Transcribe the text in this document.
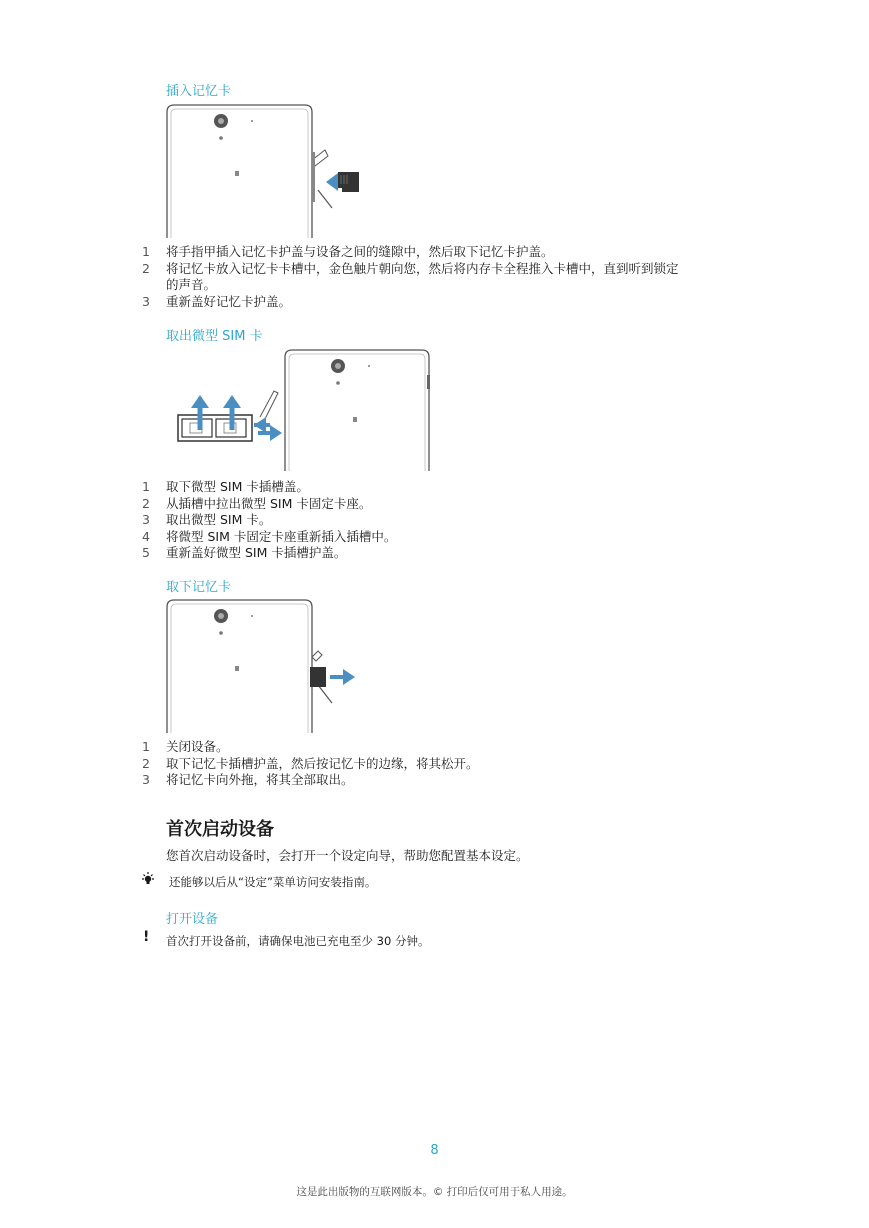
插入记忆卡
1 将手指甲插入记忆卡护盖与设备之间的缝隙中，然后取下记忆卡护盖。
2 将记忆卡放入记忆卡卡槽中，金色触片朝向您，然后将内存卡全程推入卡槽中，直到听到锁定的声音。
3 重新盖好记忆卡护盖。
取出微型 SIM 卡
1 取下微型 SIM 卡插槽盖。
2 从插槽中拉出微型 SIM 卡固定卡座。
3 取出微型 SIM 卡。
4 将微型 SIM 卡固定卡座重新插入插槽中。
5 重新盖好微型 SIM 卡插槽护盖。
取下记忆卡
1 关闭设备。
2 取下记忆卡插槽护盖，然后按记忆卡的边缘，将其松开。
3 将记忆卡向外拖，将其全部取出。
首次启动设备
您首次启动设备时，会打开一个设定向导，帮助您配置基本设定。
还能够以后从“设定”菜单访问安装指南。
打开设备
! 首次打开设备前，请确保电池已充电至少 30 分钟。
8
这是此出版物的互联网版本。© 打印后仅可用于私人用途。
